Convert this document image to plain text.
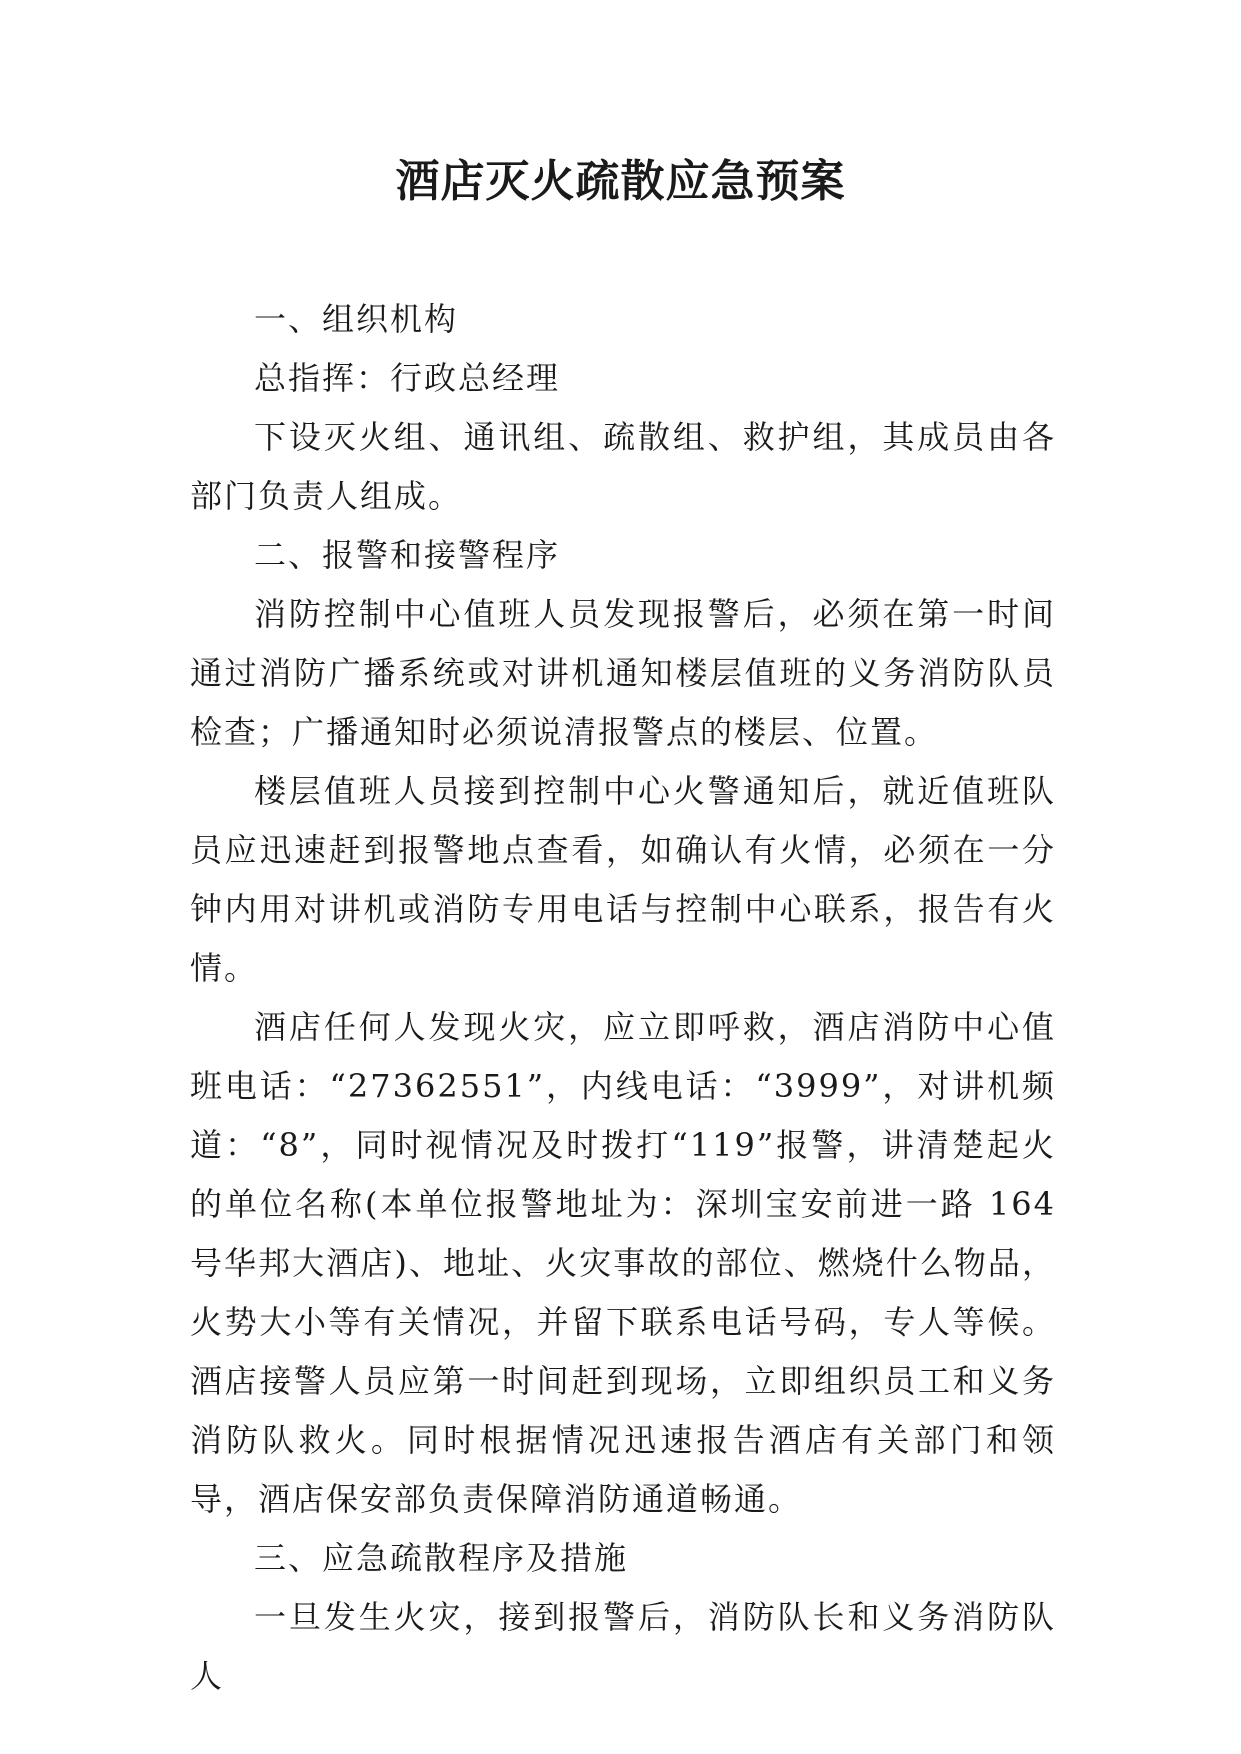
酒店灭火疏散应急预案

一、组织机构

总指挥：行政总经理

下设灭火组、通讯组、疏散组、救护组，其成员由各部门负责人组成。

二、报警和接警程序

消防控制中心值班人员发现报警后，必须在第一时间通过消防广播系统或对讲机通知楼层值班的义务消防队员检查；广播通知时必须说清报警点的楼层、位置。

楼层值班人员接到控制中心火警通知后，就近值班队员应迅速赶到报警地点查看，如确认有火情，必须在一分钟内用对讲机或消防专用电话与控制中心联系，报告有火情。

酒店任何人发现火灾，应立即呼救，酒店消防中心值班电话：“27362551”，内线电话：“3999”，对讲机频道：“8”，同时视情况及时拨打“119”报警，讲清楚起火的单位名称(本单位报警地址为：深圳宝安前进一路 164 号华邦大酒店)、地址、火灾事故的部位、燃烧什么物品，火势大小等有关情况，并留下联系电话号码，专人等候。酒店接警人员应第一时间赶到现场，立即组织员工和义务消防队救火。同时根据情况迅速报告酒店有关部门和领导，酒店保安部负责保障消防通道畅通。

三、应急疏散程序及措施

一旦发生火灾，接到报警后，消防队长和义务消防队人
